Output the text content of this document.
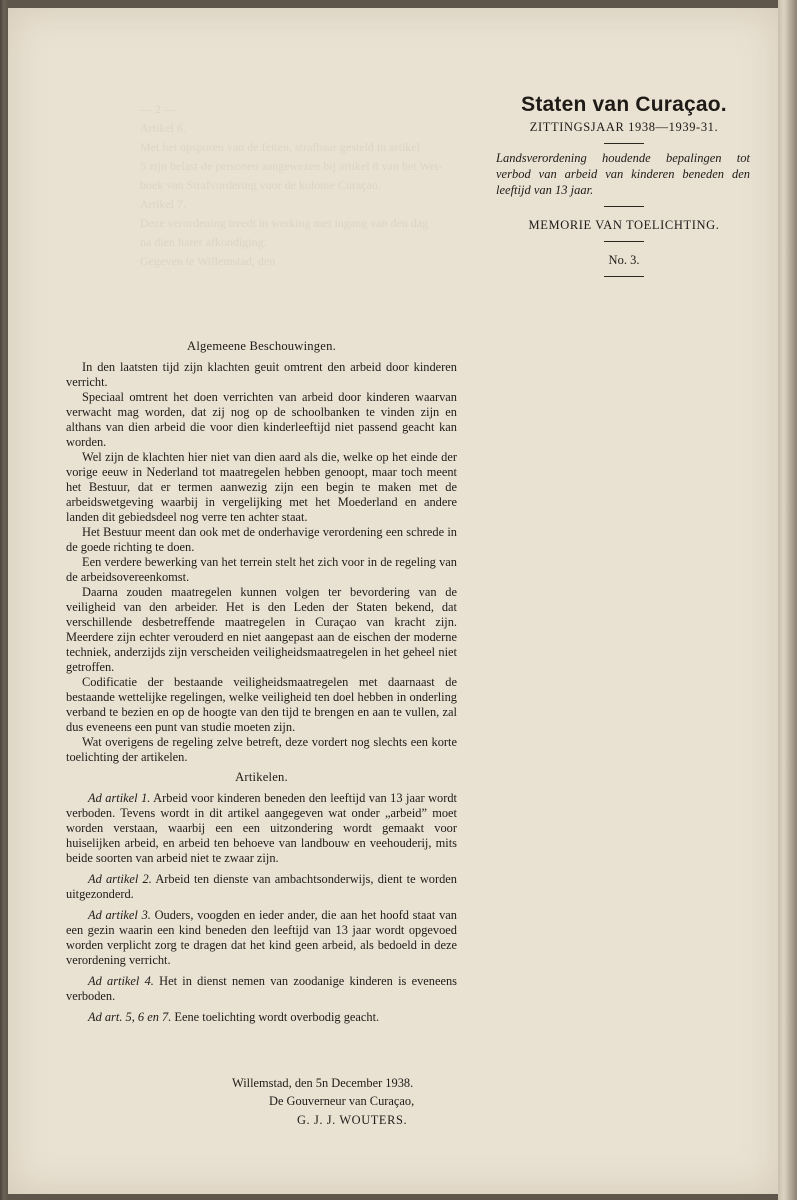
— 2 —
Artikel 6.
Met het opsporen van de feiten, strafbaar gesteld in artikel
5 zijn belast de personen aangewezen bij artikel 8 van het Wet-
boek van Strafvordering voor de kolonie Curaçao.
Artikel 7.
Deze verordening treedt in werking met ingang van den dag
na dien harer afkondiging.
Gegeven te Willemstad, den
Staten van Curaçao.
ZITTINGSJAAR 1938—1939-31.
Landsverordening houdende bepalingen tot verbod van arbeid van kinderen beneden den leeftijd van 13 jaar.
MEMORIE VAN TOELICHTING.
No. 3.
Algemeene Beschouwingen.

In den laatsten tijd zijn klachten geuit omtrent den arbeid door kinderen verricht.

Speciaal omtrent het doen verrichten van arbeid door kinderen waarvan verwacht mag worden, dat zij nog op de schoolbanken te vinden zijn en althans van dien arbeid die voor dien kinderleeftijd niet passend geacht kan worden.

Wel zijn de klachten hier niet van dien aard als die, welke op het einde der vorige eeuw in Nederland tot maatregelen hebben genoopt, maar toch meent het Bestuur, dat er termen aanwezig zijn een begin te maken met de arbeidswetgeving waarbij in vergelijking met het Moederland en andere landen dit gebiedsdeel nog verre ten achter staat.

Het Bestuur meent dan ook met de onderhavige verordening een schrede in de goede richting te doen.

Een verdere bewerking van het terrein stelt het zich voor in de regeling van de arbeidsovereenkomst.

Daarna zouden maatregelen kunnen volgen ter bevordering van de veiligheid van den arbeider. Het is den Leden der Staten bekend, dat verschillende desbetreffende maatregelen in Curaçao van kracht zijn. Meerdere zijn echter verouderd en niet aangepast aan de eischen der moderne techniek, anderzijds zijn verscheiden veiligheidsmaatregelen in het geheel niet getroffen.

Codificatie der bestaande veiligheidsmaatregelen met daarnaast de bestaande wettelijke regelingen, welke veiligheid ten doel hebben in onderling verband te bezien en op de hoogte van den tijd te brengen en aan te vullen, zal dus eveneens een punt van studie moeten zijn.

Wat overigens de regeling zelve betreft, deze vordert nog slechts een korte toelichting der artikelen.

Artikelen.

Ad artikel 1. Arbeid voor kinderen beneden den leeftijd van 13 jaar wordt verboden. Tevens wordt in dit artikel aangegeven wat onder „arbeid” moet worden verstaan, waarbij een een uitzondering wordt gemaakt voor huiselijken arbeid, en arbeid ten behoeve van landbouw en veehouderij, mits beide soorten van arbeid niet te zwaar zijn.

Ad artikel 2. Arbeid ten dienste van ambachtsonderwijs, dient te worden uitgezonderd.

Ad artikel 3. Ouders, voogden en ieder ander, die aan het hoofd staat van een gezin waarin een kind beneden den leeftijd van 13 jaar wordt opgevoed worden verplicht zorg te dragen dat het kind geen arbeid, als bedoeld in deze verordening verricht.

Ad artikel 4. Het in dienst nemen van zoodanige kinderen is eveneens verboden.

Ad art. 5, 6 en 7. Eene toelichting wordt overbodig geacht.

Willemstad, den 5n December 1938.
De Gouverneur van Curaçao,
G. J. J. WOUTERS.
